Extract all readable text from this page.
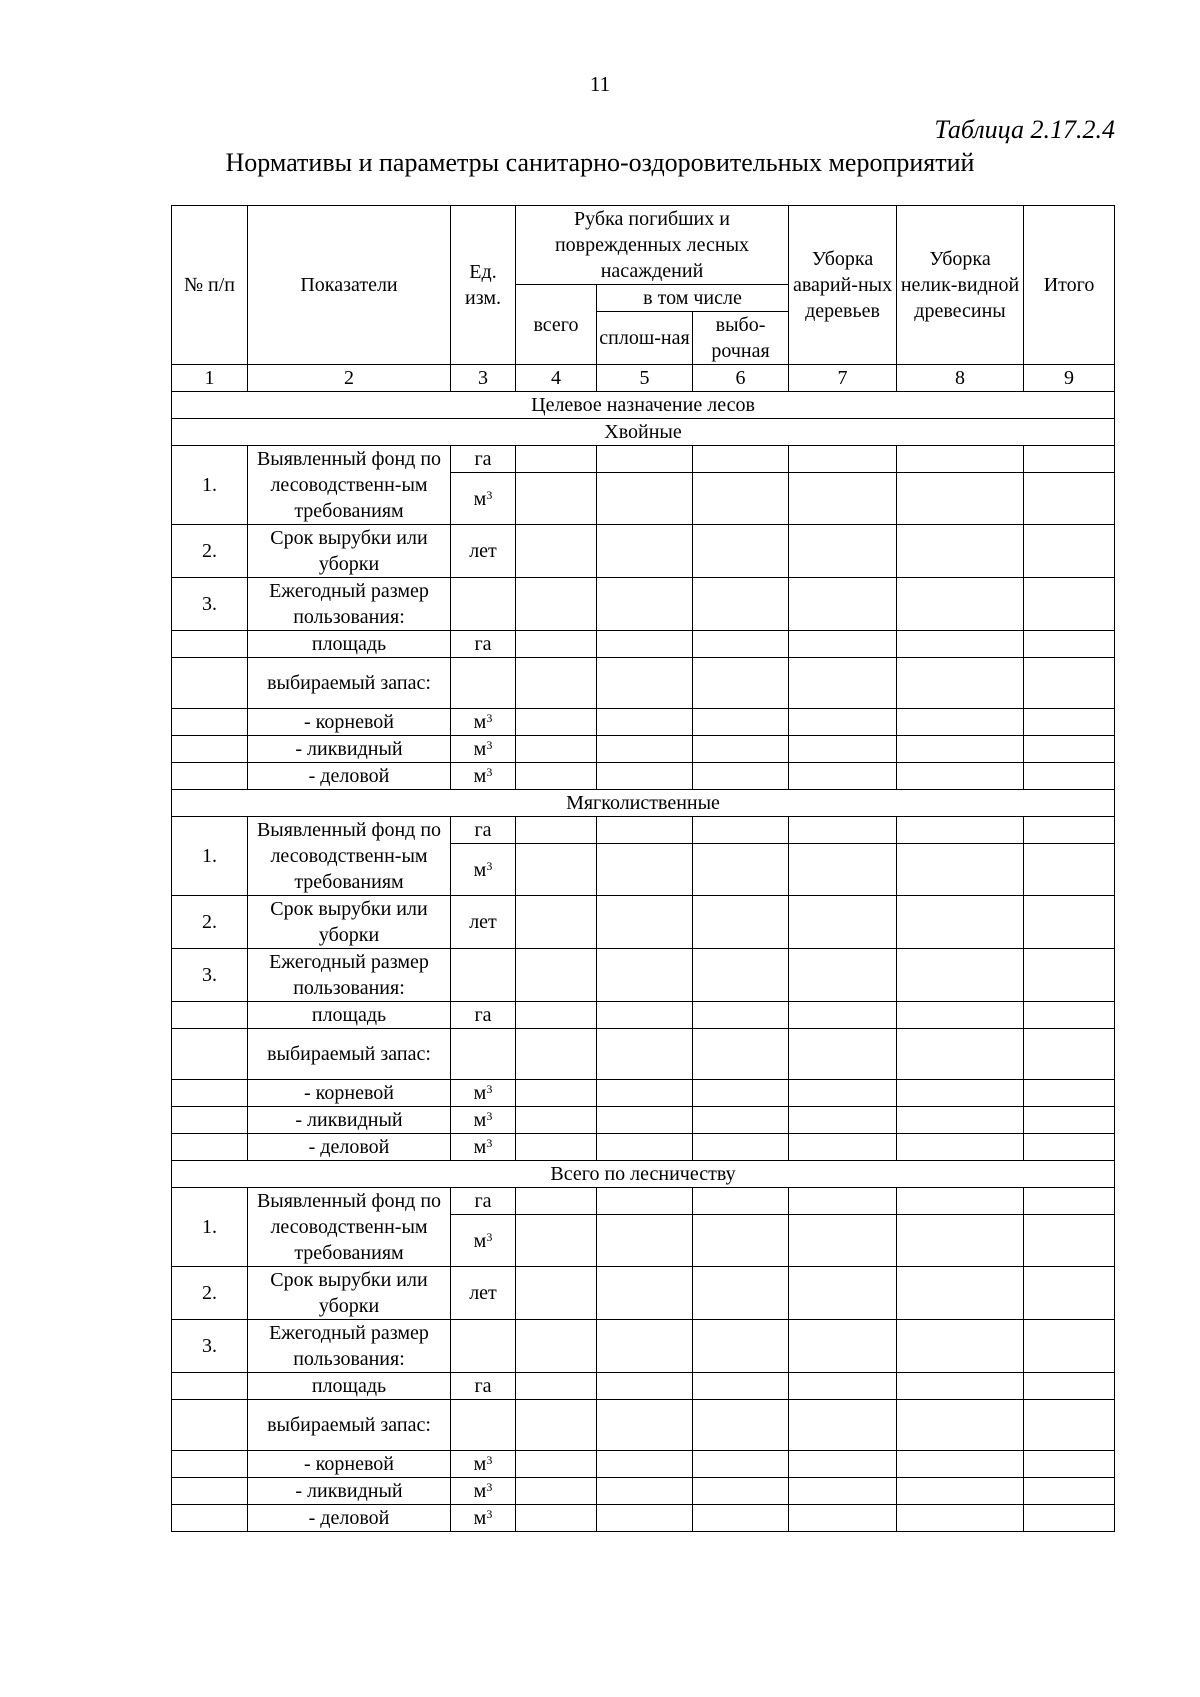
11
Таблица 2.17.2.4
Нормативы и параметры санитарно-оздоровительных мероприятий
№ п/п	Показатели	Ед. изм.	Рубка погибших и поврежденных лесных насаждений			Уборка аварий-ных деревьев	Уборка нелик-видной древесины	Итого
			всего	в том числе				
				сплош-ная	выбо-рочная			
1	2	3	4	5	6	7	8	9
Целевое назначение лесов								
Хвойные								
1.	Выявленный фонд по лесоводственн-ым требованиям	га						
		$м^3$						
2.	Срок вырубки или уборки	лет						
3.	Ежегодный размер пользования:							
	площадь	га						
	выбираемый запас:							
	- корневой	$м^3$						
	- ликвидный	$м^3$						
	- деловой	$м^3$						
Мягколиственные								
1.	Выявленный фонд по лесоводственн-ым требованиям	га						
		$м^3$						
2.	Срок вырубки или уборки	лет						
3.	Ежегодный размер пользования:							
	площадь	га						
	выбираемый запас:							
	- корневой	$м^3$						
	- ликвидный	$м^3$						
	- деловой	$м^3$						
Всего по лесничеству								
1.	Выявленный фонд по лесоводственн-ым требованиям	га						
		$м^3$						
2.	Срок вырубки или уборки	лет						
3.	Ежегодный размер пользования:							
	площадь	га						
	выбираемый запас:							
	- корневой	$м^3$						
	- ликвидный	$м^3$						
	- деловой	$м^3$						
